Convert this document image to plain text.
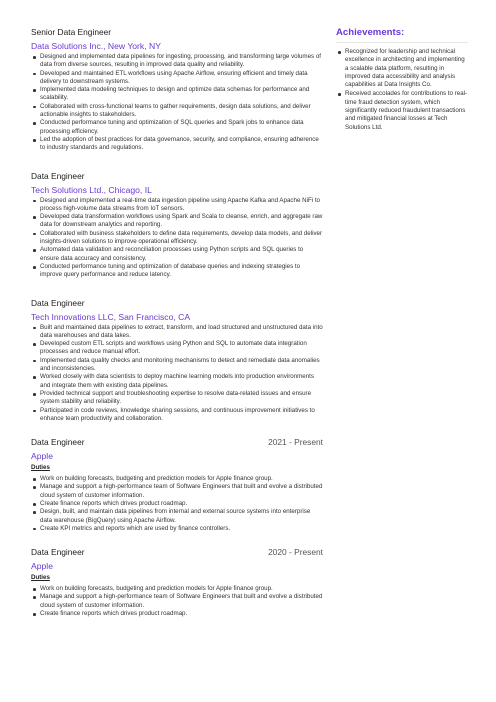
Senior Data Engineer
Data Solutions Inc., New York, NY
Designed and implemented data pipelines for ingesting, processing, and transforming large volumes of data from diverse sources, resulting in improved data quality and reliability.
Developed and maintained ETL workflows using Apache Airflow, ensuring efficient and timely data delivery to downstream systems.
Implemented data modeling techniques to design and optimize data schemas for performance and scalability.
Collaborated with cross-functional teams to gather requirements, design data solutions, and deliver actionable insights to stakeholders.
Conducted performance tuning and optimization of SQL queries and Spark jobs to enhance data processing efficiency.
Led the adoption of best practices for data governance, security, and compliance, ensuring adherence to industry standards and regulations.
Data Engineer
Tech Solutions Ltd., Chicago, IL
Designed and implemented a real-time data ingestion pipeline using Apache Kafka and Apache NiFi to process high-volume data streams from IoT sensors.
Developed data transformation workflows using Spark and Scala to cleanse, enrich, and aggregate raw data for downstream analytics and reporting.
Collaborated with business stakeholders to define data requirements, develop data models, and deliver insights-driven solutions to improve operational efficiency.
Automated data validation and reconciliation processes using Python scripts and SQL queries to ensure data accuracy and consistency.
Conducted performance tuning and optimization of database queries and indexing strategies to improve query performance and reduce latency.
Data Engineer
Tech Innovations LLC, San Francisco, CA
Built and maintained data pipelines to extract, transform, and load structured and unstructured data into data warehouses and data lakes.
Developed custom ETL scripts and workflows using Python and SQL to automate data integration processes and reduce manual effort.
Implemented data quality checks and monitoring mechanisms to detect and remediate data anomalies and inconsistencies.
Worked closely with data scientists to deploy machine learning models into production environments and integrate them with existing data pipelines.
Provided technical support and troubleshooting expertise to resolve data-related issues and ensure system stability and reliability.
Participated in code reviews, knowledge sharing sessions, and continuous improvement initiatives to enhance team productivity and collaboration.
Data Engineer	2021 - Present
Apple
Duties
Work on building forecasts, budgeting and prediction models for Apple finance group.
Manage and support a high-performance team of Software Engineers that built and evolve a distributed cloud system of customer information.
Create finance reports which drives product roadmap.
Design, built, and maintain data pipelines from internal and external source systems into enterprise data warehouse (BigQuery) using Apache Airflow.
Create KPI metrics and reports which are used by finance controllers.
Data Engineer	2020 - Present
Apple
Duties
Work on building forecasts, budgeting and prediction models for Apple finance group.
Manage and support a high-performance team of Software Engineers that built and evolve a distributed cloud system of customer information.
Create finance reports which drives product roadmap.
Achievements:
Recognized for leadership and technical excellence in architecting and implementing a scalable data platform, resulting in improved data accessibility and analysis capabilities at Data Insights Co.
Received accolades for contributions to real-time fraud detection system, which significantly reduced fraudulent transactions and mitigated financial losses at Tech Solutions Ltd.
